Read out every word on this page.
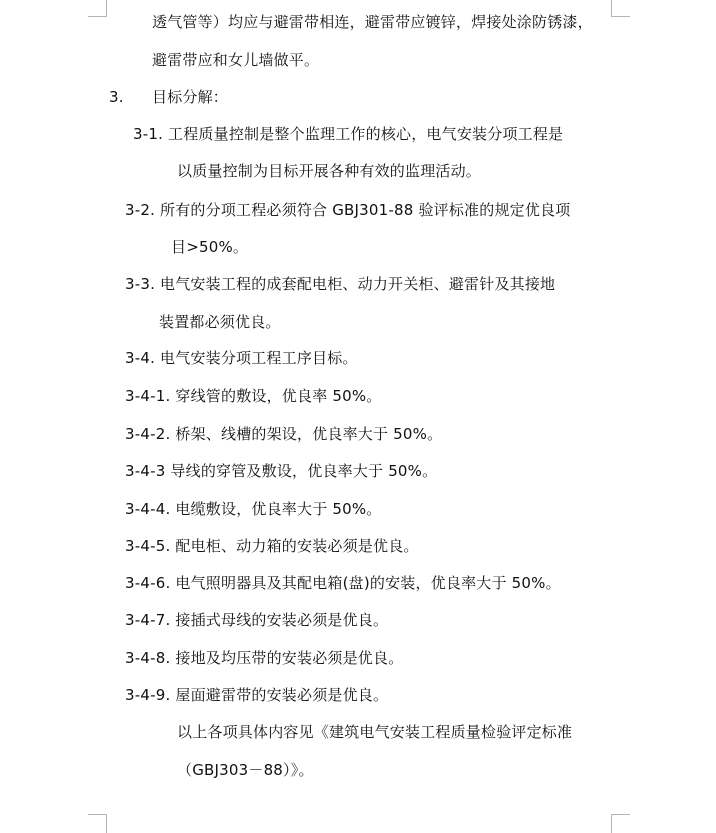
透气管等）均应与避雷带相连，避雷带应镀锌，焊接处涂防锈漆，
避雷带应和女儿墙做平。
3. 目标分解：
3-1. 工程质量控制是整个监理工作的核心，电气安装分项工程是
以质量控制为目标开展各种有效的监理活动。
3-2. 所有的分项工程必须符合 GBJ301-88 验评标准的规定优良项
目>50%。
3-3. 电气安装工程的成套配电柜、动力开关柜、避雷针及其接地
装置都必须优良。
3-4. 电气安装分项工程工序目标。
3-4-1. 穿线管的敷设，优良率 50%。
3-4-2. 桥架、线槽的架设，优良率大于 50%。
3-4-3 导线的穿管及敷设，优良率大于 50%。
3-4-4. 电缆敷设，优良率大于 50%。
3-4-5. 配电柜、动力箱的安装必须是优良。
3-4-6. 电气照明器具及其配电箱(盘)的安装，优良率大于 50%。
3-4-7. 接插式母线的安装必须是优良。
3-4-8. 接地及均压带的安装必须是优良。
3-4-9. 屋面避雷带的安装必须是优良。
以上各项具体内容见《建筑电气安装工程质量检验评定标准
（GBJ303－88）》。
